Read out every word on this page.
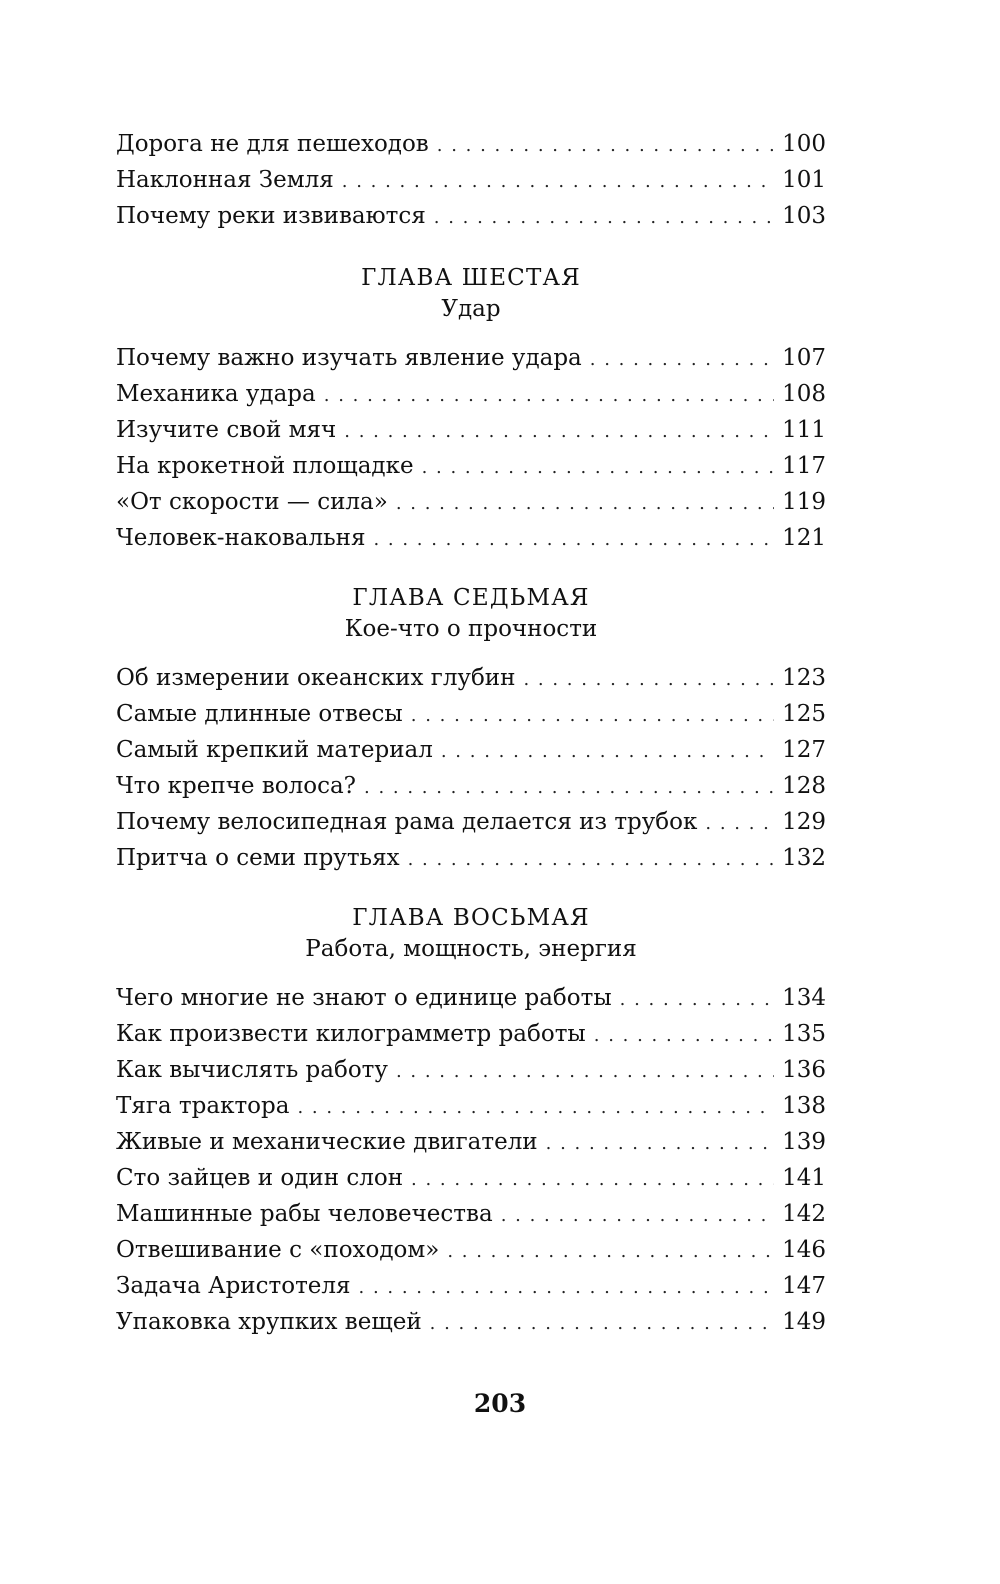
Дорога не для пешеходов . . .	100
Наклонная Земля . . .	101
Почему реки извиваются . . .	103
ГЛАВА ШЕСТАЯ
Удар
Почему важно изучать явление удара . . .	107
Механика удара . . .	108
Изучите свой мяч . . .	111
На крокетной площадке . . .	117
«От скорости — сила» . . .	119
Человек-наковальня . . .	121
ГЛАВА СЕДЬМАЯ
Кое-что о прочности
Об измерении океанских глубин . . .	123
Самые длинные отвесы . . .	125
Самый крепкий материал . . .	127
Что крепче волоса? . . .	128
Почему велосипедная рама делается из трубок . . .	129
Притча о семи прутьях . . .	132
ГЛАВА ВОСЬМАЯ
Работа, мощность, энергия
Чего многие не знают о единице работы . . .	134
Как произвести килограмметр работы . . .	135
Как вычислять работу . . .	136
Тяга трактора . . .	138
Живые и механические двигатели . . .	139
Сто зайцев и один слон . . .	141
Машинные рабы человечества . . .	142
Отвешивание с «походом» . . .	146
Задача Аристотеля . . .	147
Упаковка хрупких вещей . . .	149
203
